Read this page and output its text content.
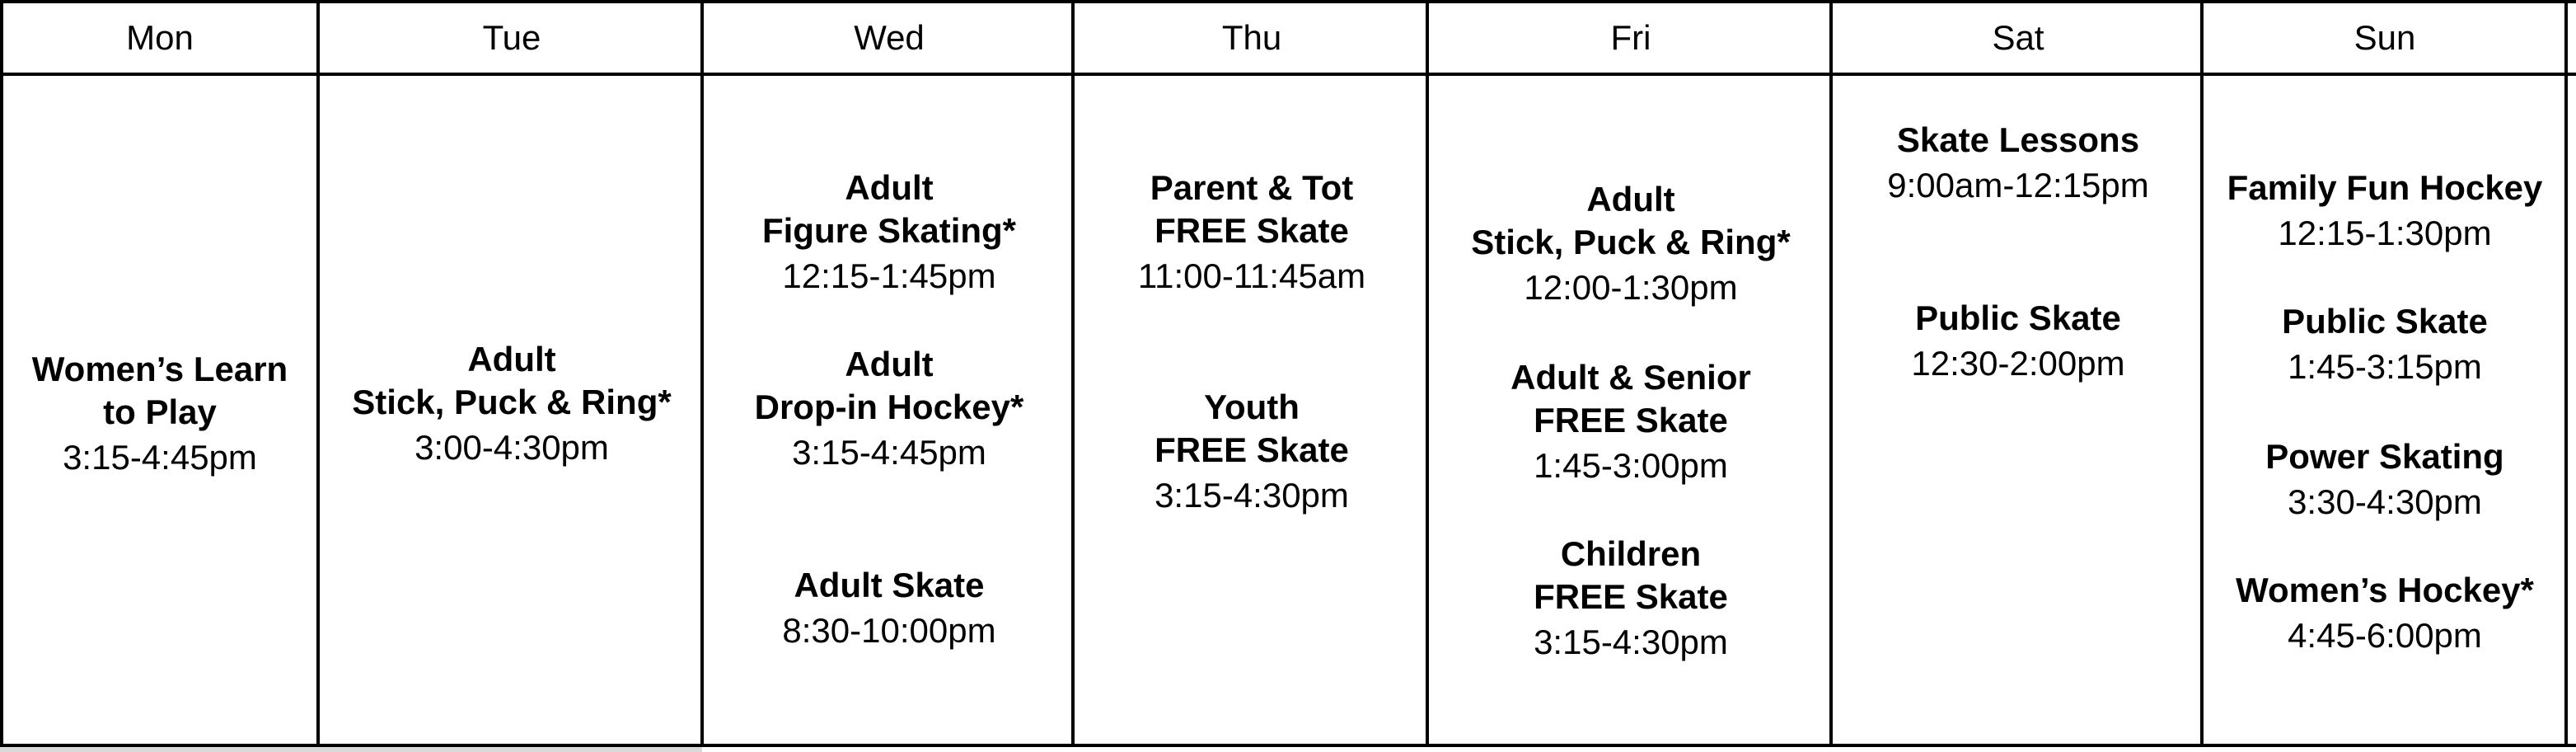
Mon
Women’s Learn
to Play
3:15-4:45pm
Tue
Adult
Stick, Puck & Ring*
3:00-4:30pm
Wed
Adult
Figure Skating*
12:15-1:45pm
Adult
Drop-in Hockey*
3:15-4:45pm
Adult Skate
8:30-10:00pm
Thu
Parent & Tot
FREE Skate
11:00-11:45am
Youth
FREE Skate
3:15-4:30pm
Fri
Adult
Stick, Puck & Ring*
12:00-1:30pm
Adult & Senior
FREE Skate
1:45-3:00pm
Children
FREE Skate
3:15-4:30pm
Sat
Skate Lessons
9:00am-12:15pm
Public Skate
12:30-2:00pm
Sun
Family Fun Hockey
12:15-1:30pm
Public Skate
1:45-3:15pm
Power Skating
3:30-4:30pm
Women’s Hockey*
4:45-6:00pm
